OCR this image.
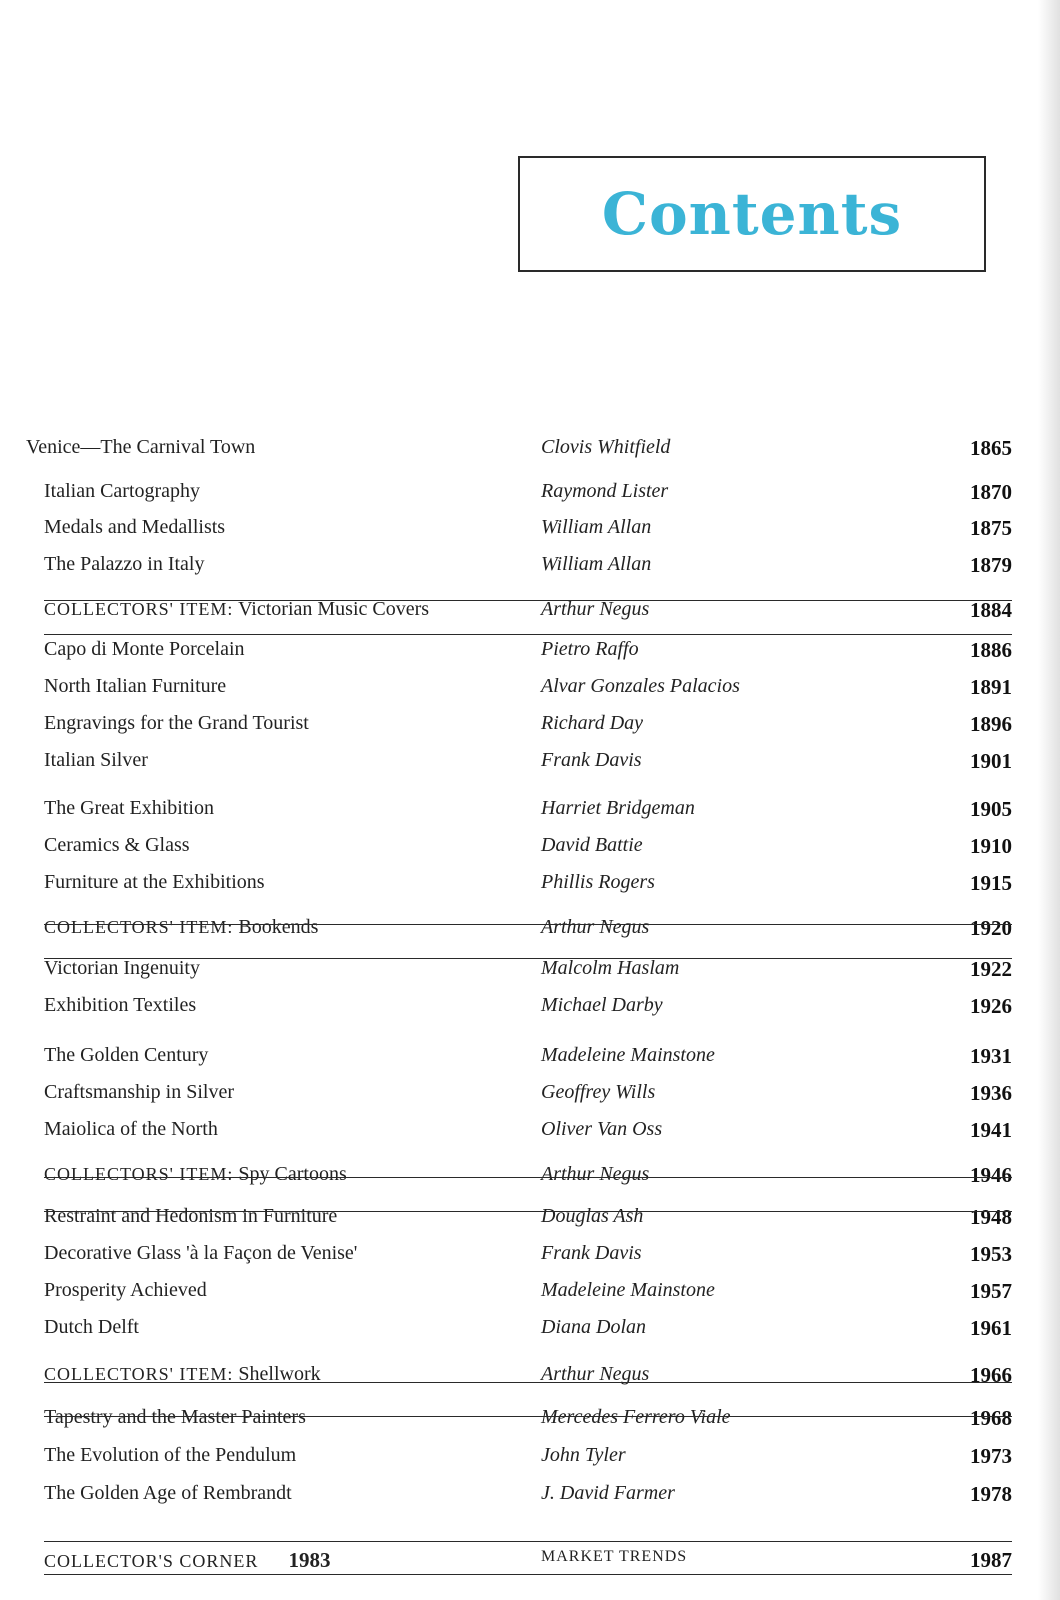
Contents
Venice—The Carnival Town	Clovis Whitfield	1865
Italian Cartography	Raymond Lister	1870
Medals and Medallists	William Allan	1875
The Palazzo in Italy	William Allan	1879
COLLECTORS' ITEM: Victorian Music Covers	Arthur Negus	1884
Capo di Monte Porcelain	Pietro Raffo	1886
North Italian Furniture	Alvar Gonzales Palacios	1891
Engravings for the Grand Tourist	Richard Day	1896
Italian Silver	Frank Davis	1901
The Great Exhibition	Harriet Bridgeman	1905
Ceramics & Glass	David Battie	1910
Furniture at the Exhibitions	Phillis Rogers	1915
COLLECTORS' ITEM: Bookends	Arthur Negus	1920
Victorian Ingenuity	Malcolm Haslam	1922
Exhibition Textiles	Michael Darby	1926
The Golden Century	Madeleine Mainstone	1931
Craftsmanship in Silver	Geoffrey Wills	1936
Maiolica of the North	Oliver Van Oss	1941
COLLECTORS' ITEM: Spy Cartoons	Arthur Negus	1946
Restraint and Hedonism in Furniture	Douglas Ash	1948
Decorative Glass 'à la Façon de Venise'	Frank Davis	1953
Prosperity Achieved	Madeleine Mainstone	1957
Dutch Delft	Diana Dolan	1961
COLLECTORS' ITEM: Shellwork	Arthur Negus	1966
Tapestry and the Master Painters	Mercedes Ferrero Viale	1968
The Evolution of the Pendulum	John Tyler	1973
The Golden Age of Rembrandt	J. David Farmer	1978
COLLECTOR'S CORNER 1983	MARKET TRENDS	1987
